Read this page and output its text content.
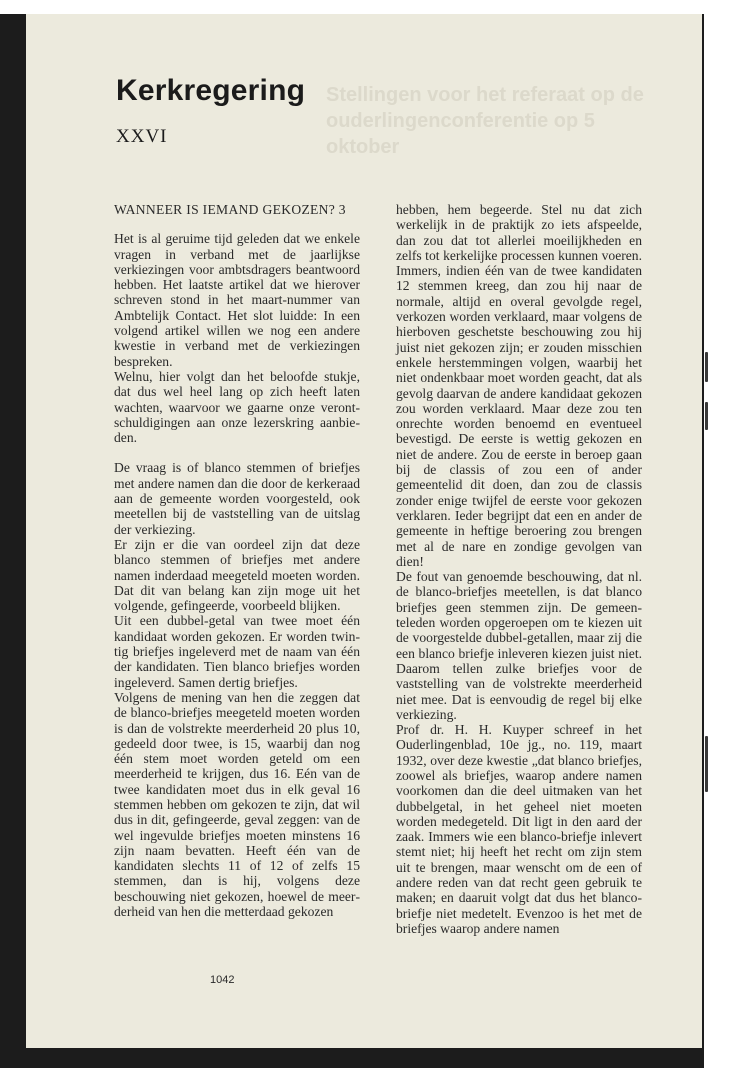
Stellingen voor het referaat op de ouderlingenconferentie op 5 oktober
Kerkregering
XXVI
WANNEER IS IEMAND GEKOZEN? 3

Het is al geruime tijd geleden dat we enkele vragen in verband met de jaarlijkse verkiezingen voor ambtsdragers beantwoord hebben. Het laatste artikel dat we hierover schreven stond in het maart-nummer van Ambtelijk Contact. Het slot luidde: In een volgend artikel willen we nog een andere kwestie in verband met de verkiezingen bespreken.

Welnu, hier volgt dan het beloofde stukje, dat dus wel heel lang op zich heeft laten wachten, waarvoor we gaarne onze verontschuldigingen aan onze lezerskring aanbieden.

De vraag is of blanco stemmen of briefjes met andere namen dan die door de kerkeraad aan de gemeente worden voorgesteld, ook meetellen bij de vaststelling van de uitslag der verkiezing.

Er zijn er die van oordeel zijn dat deze blanco stemmen of briefjes met andere namen inderdaad meegeteld moeten worden. Dat dit van belang kan zijn moge uit het volgende, gefingeerde, voorbeeld blijken.

Uit een dubbel-getal van twee moet één kandidaat worden gekozen. Er worden twintig briefjes ingeleverd met de naam van één der kandidaten. Tien blanco briefjes worden ingeleverd. Samen dertig briefjes.

Volgens de mening van hen die zeggen dat de blanco-briefjes meegeteld moeten worden is dan de volstrekte meerderheid 20 plus 10, gedeeld door twee, is 15, waarbij dan nog één stem moet worden geteld om een meerderheid te krijgen, dus 16. Eén van de twee kandidaten moet dus in elk geval 16 stemmen hebben om gekozen te zijn, dat wil dus in dit, gefingeerde, geval zeggen: van de wel ingevulde briefjes moeten minstens 16 zijn naam bevatten. Heeft één van de kandidaten slechts 11 of 12 of zelfs 15 stemmen, dan is hij, volgens deze beschouwing niet gekozen, hoewel de meerderheid van hen die metterdaad gekozen

hebben, hem begeerde. Stel nu dat zich werkelijk in de praktijk zo iets afspeelde, dan zou dat tot allerlei moeilijkheden en zelfs tot kerkelijke processen kunnen voeren. Immers, indien één van de twee kandidaten 12 stemmen kreeg, dan zou hij naar de normale, altijd en overal gevolgde regel, verkozen worden verklaard, maar volgens de hierboven geschetste beschouwing zou hij juist niet gekozen zijn; er zouden misschien enkele herstemmingen volgen, waarbij het niet ondenkbaar moet worden geacht, dat als gevolg daarvan de andere kandidaat gekozen zou worden verklaard. Maar deze zou ten onrechte worden benoemd en eventueel bevestigd. De eerste is wettig gekozen en niet de andere. Zou de eerste in beroep gaan bij de classis of zou een of ander gemeentelid dit doen, dan zou de classis zonder enige twijfel de eerste voor gekozen verklaren. Ieder begrijpt dat een en ander de gemeente in heftige beroering zou brengen met al de nare en zondige gevolgen van dien!

De fout van genoemde beschouwing, dat nl. de blanco-briefjes meetellen, is dat blanco briefjes geen stemmen zijn. De gemeenteleden worden opgeroepen om te kiezen uit de voorgestelde dubbel-getallen, maar zij die een blanco briefje inleveren kiezen juist niet. Daarom tellen zulke briefjes voor de vaststelling van de volstrekte meerderheid niet mee. Dat is eenvoudig de regel bij elke verkiezing.

Prof dr. H. H. Kuyper schreef in het Ouderlingenblad, 10e jg., no. 119, maart 1932, over deze kwestie „dat blanco briefjes, zoowel als briefjes, waarop andere namen voorkomen dan die deel uitmaken van het dubbelgetal, in het geheel niet moeten worden medegeteld. Dit ligt in den aard der zaak. Immers wie een blanco-briefje inlevert stemt niet; hij heeft het recht om zijn stem uit te brengen, maar wenscht om de een of andere reden van dat recht geen gebruik te maken; en daaruit volgt dat dus het blanco-briefje niet medetelt. Evenzoo is het met de briefjes waarop andere namen

1042
